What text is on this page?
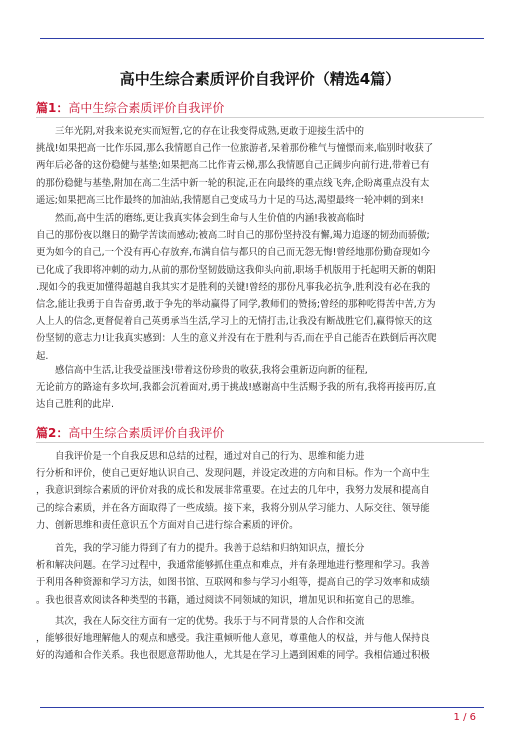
高中生综合素质评价自我评价（精选4篇）
篇1：高中生综合素质评价自我评价
三年光阴,对我来说充实而短暂,它的存在让我变得成熟,更敢于迎接生活中的
挑战!如果把高一比作乐园,那么我情愿自己作一位旅游者,呆着那份稚气与憧憬而来,临别时收获了
两年后必备的这份稳健与基垫;如果把高二比作青云梯,那么我情愿自己正阔步向前行进,带着已有
的那份稳健与基垫,附加在高二生活中新一轮的积淀,正在向最终的重点线飞奔,企盼离重点没有太
遥远;如果把高三比作最终的加油站,我情愿自己变成马力十足的马达,渴望最终一轮冲刺的到来!
然而,高中生活的磨练,更让我真实体会到生命与人生价值的内涵!我被高临时
自己的那份夜以继日的勤学苦读而感动;被高二时自己的那份坚持没有懈,竭力追逐的韧劲而骄傲;
更为如今的自己,一个没有再心存放弃,布满自信与都只的自己而无怨无悔!曾经地那份勤奋现如今
已化成了我即将冲刺的动力,从前的那份坚韧鼓励这我仰头向前,职场手机版用于托起明天新的朝阳
.现如今的我更加懂得超越自我其实才是胜利的关键!曾经的那份凡事我必抗争,胜利没有必在我的
信念,能让我勇于自告奋勇,敢于争先的举动赢得了同学,教师们的赞扬;曾经的那种吃得苦中苦,方为
人上人的信念,更督促着自己英勇承当生活,学习上的无情打击,让我没有断战胜它们,赢得惊天的这
份坚韧的意志力!让我真实感到：人生的意义并没有在于胜利与否,而在乎自己能否在跌倒后再次爬
起.
感信高中生活,让我受益匪浅!带着这份珍贵的收获,我将会重新迈向新的征程,
无论前方的路途有多坎坷,我都会沉着面对,勇于挑战!感谢高中生活赐予我的所有,我将再接再厉,直
达自己胜利的此岸.
篇2：高中生综合素质评价自我评价
自我评价是一个自我反思和总结的过程，通过对自己的行为、思维和能力进
行分析和评价，使自己更好地认识自己、发现问题，并设定改进的方向和目标。作为一个高中生
，我意识到综合素质的评价对我的成长和发展非常重要。在过去的几年中，我努力发展和提高自
己的综合素质，并在各方面取得了一些成绩。接下来，我将分别从学习能力、人际交往、领导能
力、创新思维和责任意识五个方面对自己进行综合素质的评价。
首先，我的学习能力得到了有力的提升。我善于总结和归纳知识点，擅长分
析和解决问题。在学习过程中，我通常能够抓住重点和难点，并有条理地进行整理和学习。我善
于利用各种资源和学习方法，如图书馆、互联网和参与学习小组等，提高自己的学习效率和成绩
。我也很喜欢阅读各种类型的书籍，通过阅读不同领域的知识，增加见识和拓宽自己的思维。
其次，我在人际交往方面有一定的优势。我乐于与不同背景的人合作和交流
，能够很好地理解他人的观点和感受。我注重倾听他人意见，尊重他人的权益，并与他人保持良
好的沟通和合作关系。我也很愿意帮助他人，尤其是在学习上遇到困难的同学。我相信通过积极
1 / 6
